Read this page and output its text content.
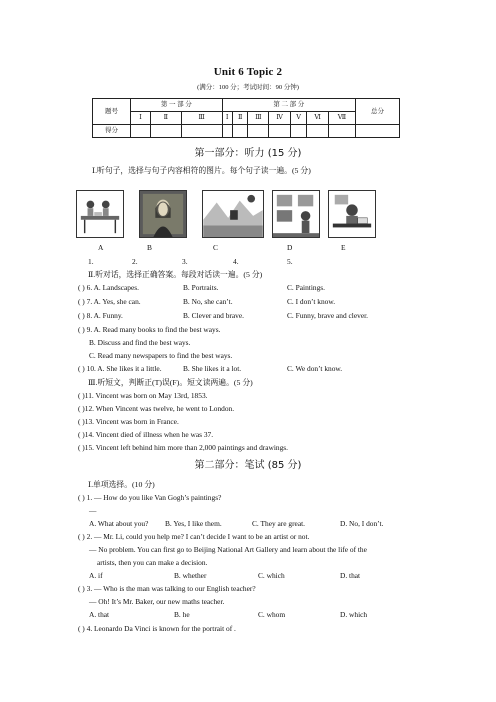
Unit 6 Topic 2
(满分：100 分；考试时间：90 分钟)
题号	第 一 部 分			第 二 部 分							总分
	Ⅰ	Ⅱ	Ⅲ	Ⅰ	Ⅱ	Ⅲ	Ⅳ	Ⅴ	Ⅵ	Ⅶ	
得分											
第一部分：听力 (15 分)
Ⅰ.听句子，选择与句子内容相符的图片。每个句子读一遍。(5 分)
A	B	C	D	E
1.	2.	3.	4.	5.
Ⅱ.听对话，选择正确答案。每段对话读一遍。(5 分)
( ) 6. A. Landscapes.	B. Portraits.	C. Paintings.
( ) 7. A. Yes, she can.	B. No, she can’t.	C. I don’t know.
( ) 8. A. Funny.	B. Clever and brave.	C. Funny, brave and clever.
( ) 9. A. Read many books to find the best ways.
B. Discuss and find the best ways.
C. Read many newspapers to find the best ways.
( ) 10. A. She likes it a little.	B. She likes it a lot.	C. We don’t know.
Ⅲ.听短文，判断正(T)误(F)。短文读两遍。(5 分)
( )11. Vincent was born on May 13rd, 1853.
( )12. When Vincent was twelve, he went to London.
( )13. Vincent was born in France.
( )14. Vincent died of illness when he was 37.
( )15. Vincent left behind him more than 2,000 paintings and drawings.
第二部分：笔试 (85 分)
Ⅰ.单项选择。(10 分)
( ) 1. — How do you like Van Gogh’s paintings?
—
A. What about you? B. Yes, I like them.	C. They are great.	D. No, I don’t.
( ) 2. — Mr. Li, could you help me? I can’t decide I want to be an artist or not.
— No problem. You can first go to Beijing National Art Gallery and learn about the life of the
artists, then you can make a decision.
A. if	B. whether	C. which	D. that
( ) 3. — Who is the man was talking to our English teacher?
— Oh! It’s Mr. Baker, our new maths teacher.
A. that	B. he	C. whom	D. which
( ) 4. Leonardo Da Vinci is known for the portrait of .
